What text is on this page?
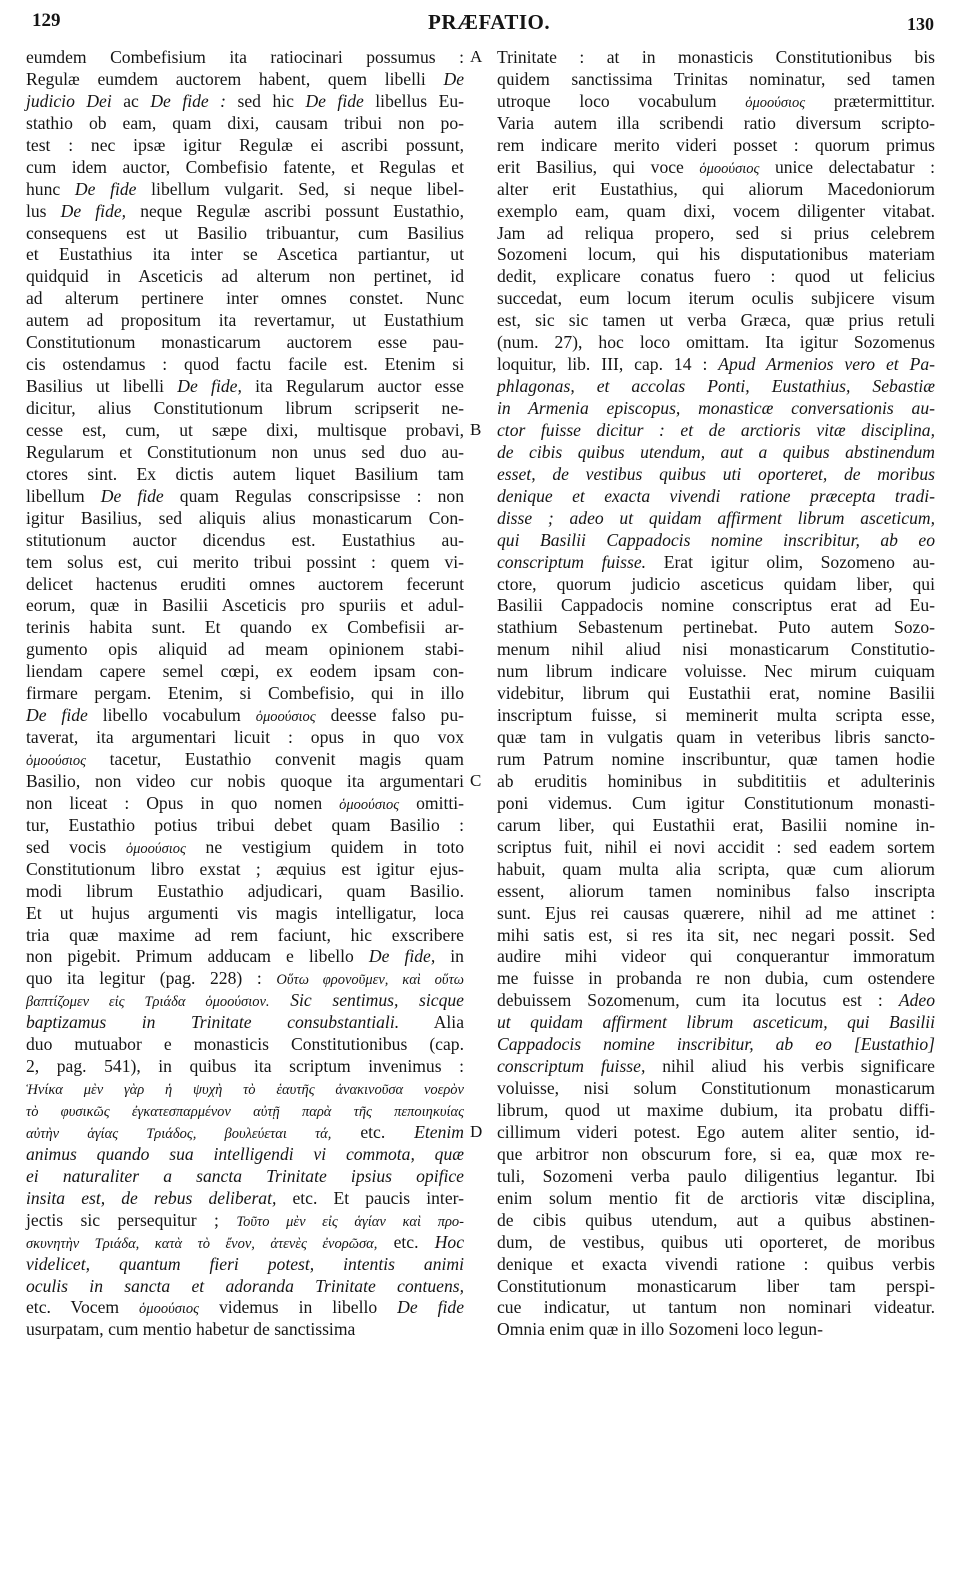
129	PRÆFATIO.	130
A
B
C
D
eumdem Combefisium ita ratiocinari possumus :
Regulæ eumdem auctorem habent, quem libelli De
judicio Dei ac De fide : sed hic De fide libellus Eu-
stathio ob eam, quam dixi, causam tribui non po-
test : nec ipsæ igitur Regulæ ei ascribi possunt,
cum idem auctor, Combefisio fatente, et Regulas et
hunc De fide libellum vulgarit. Sed, si neque libel-
lus De fide, neque Regulæ ascribi possunt Eustathio,
consequens est ut Basilio tribuantur, cum Basilius
et Eustathius ita inter se Ascetica partiantur, ut
quidquid in Asceticis ad alterum non pertinet, id
ad alterum pertinere inter omnes constet. Nunc
autem ad propositum ita revertamur, ut Eustathium
Constitutionum monasticarum auctorem esse pau-
cis ostendamus : quod factu facile est. Etenim si
Basilius ut libelli De fide, ita Regularum auctor esse
dicitur, alius Constitutionum librum scripserit ne-
cesse est, cum, ut sæpe dixi, multisque probavi,
Regularum et Constitutionum non unus sed duo au-
ctores sint. Ex dictis autem liquet Basilium tam
libellum De fide quam Regulas conscripsisse : non
igitur Basilius, sed aliquis alius monasticarum Con-
stitutionum auctor dicendus est. Eustathius au-
tem solus est, cui merito tribui possint : quem vi-
delicet hactenus eruditi omnes auctorem fecerunt
eorum, quæ in Basilii Asceticis pro spuriis et adul-
terinis habita sunt. Et quando ex Combefisii ar-
gumento opis aliquid ad meam opinionem stabi-
liendam capere semel cœpi, ex eodem ipsam con-
firmare pergam. Etenim, si Combefisio, qui in illo
De fide libello vocabulum ὁμοούσιος deesse falso pu-
taverat, ita argumentari licuit : opus in quo vox
ὁμοούσιος tacetur, Eustathio convenit magis quam
Basilio, non video cur nobis quoque ita argumentari
non liceat : Opus in quo nomen ὁμοούσιος omitti-
tur, Eustathio potius tribui debet quam Basilio :
sed vocis ὁμοούσιος ne vestigium quidem in toto
Constitutionum libro exstat ; æquius est igitur ejus-
modi librum Eustathio adjudicari, quam Basilio.
Et ut hujus argumenti vis magis intelligatur, loca
tria quæ maxime ad rem faciunt, hic exscribere
non pigebit. Primum adducam e libello De fide, in
quo ita legitur (pag. 228) : Οὕτω φρονοῦμεν, καὶ οὕτω
βαπτίζομεν εἰς Τριάδα ὁμοούσιον. Sic sentimus, sicque
baptizamus in Trinitate consubstantiali. Alia
duo mutuabor e monasticis Constitutionibus (cap.
2, pag. 541), in quibus ita scriptum invenimus :
Ἡνίκα μὲν γὰρ ἡ ψυχὴ τὸ ἑαυτῆς ἀνακινοῦσα νοερὸν
τὸ φυσικῶς ἐγκατεσπαρμένον αὐτῇ παρὰ τῆς πεποιηκυίας
αὐτὴν ἁγίας Τριάδος, βουλεύεται τά, etc. Etenim
animus quando sua intelligendi vi commota, quæ
ei naturaliter a sancta Trinitate ipsius opifice
insita est, de rebus deliberat, etc. Et paucis inter-
jectis sic persequitur ; Τοῦτο μὲν εἰς ἁγίαν καὶ προ-
σκυνητὴν Τριάδα, κατὰ τὸ ἔνον, ἀτενὲς ἐνορῶσα, etc. Hoc
videlicet, quantum fieri potest, intentis animi
oculis in sancta et adoranda Trinitate contuens,
etc. Vocem ὁμοούσιος videmus in libello De fide
usurpatam, cum mentio habetur de sanctissima
Trinitate : at in monasticis Constitutionibus bis
quidem sanctissima Trinitas nominatur, sed tamen
utroque loco vocabulum ὁμοούσιος prætermittitur.
Varia autem illa scribendi ratio diversum scripto-
rem indicare merito videri posset : quorum primus
erit Basilius, qui voce ὁμοούσιος unice delectabatur :
alter erit Eustathius, qui aliorum Macedoniorum
exemplo eam, quam dixi, vocem diligenter vitabat.
Jam ad reliqua propero, sed si prius celebrem
Sozomeni locum, qui his disputationibus materiam
dedit, explicare conatus fuero : quod ut felicius
succedat, eum locum iterum oculis subjicere visum
est, sic sic tamen ut verba Græca, quæ prius retuli
(num. 27), hoc loco omittam. Ita igitur Sozomenus
loquitur, lib. III, cap. 14 : Apud Armenios vero et Pa-
phlagonas, et accolas Ponti, Eustathius, Sebastiæ
in Armenia episcopus, monasticæ conversationis au-
ctor fuisse dicitur : et de arctioris vitæ disciplina,
de cibis quibus utendum, aut a quibus abstinendum
esset, de vestibus quibus uti oporteret, de moribus
denique et exacta vivendi ratione præcepta tradi-
disse ; adeo ut quidam affirment librum asceticum,
qui Basilii Cappadocis nomine inscribitur, ab eo
conscriptum fuisse. Erat igitur olim, Sozomeno au-
ctore, quorum judicio asceticus quidam liber, qui
Basilii Cappadocis nomine conscriptus erat ad Eu-
stathium Sebastenum pertinebat. Puto autem Sozo-
menum nihil aliud nisi monasticarum Constitutio-
num librum indicare voluisse. Nec mirum cuiquam
videbitur, librum qui Eustathii erat, nomine Basilii
inscriptum fuisse, si meminerit multa scripta esse,
quæ tam in vulgatis quam in veteribus libris sancto-
rum Patrum nomine inscribuntur, quæ tamen hodie
ab eruditis hominibus in subdititiis et adulterinis
poni videmus. Cum igitur Constitutionum monasti-
carum liber, qui Eustathii erat, Basilii nomine in-
scriptus fuit, nihil ei novi accidit : sed eadem sortem
habuit, quam multa alia scripta, quæ cum aliorum
essent, aliorum tamen nominibus falso inscripta
sunt. Ejus rei causas quærere, nihil ad me attinet :
mihi satis est, si res ita sit, nec negari possit. Sed
audire mihi videor qui conquerantur immoratum
me fuisse in probanda re non dubia, cum ostendere
debuissem Sozomenum, cum ita locutus est : Adeo
ut quidam affirment librum asceticum, qui Basilii
Cappadocis nomine inscribitur, ab eo [Eustathio]
conscriptum fuisse, nihil aliud his verbis significare
voluisse, nisi solum Constitutionum monasticarum
librum, quod ut maxime dubium, ita probatu diffi-
cillimum videri potest. Ego autem aliter sentio, id-
que arbitror non obscurum fore, si ea, quæ mox re-
tuli, Sozomeni verba paulo diligentius legantur. Ibi
enim solum mentio fit de arctioris vitæ disciplina,
de cibis quibus utendum, aut a quibus abstinen-
dum, de vestibus, quibus uti oporteret, de moribus
denique et exacta vivendi ratione : quibus verbis
Constitutionum monasticarum liber tam perspi-
cue indicatur, ut tantum non nominari videatur.
Omnia enim quæ in illo Sozomeni loco legun-
